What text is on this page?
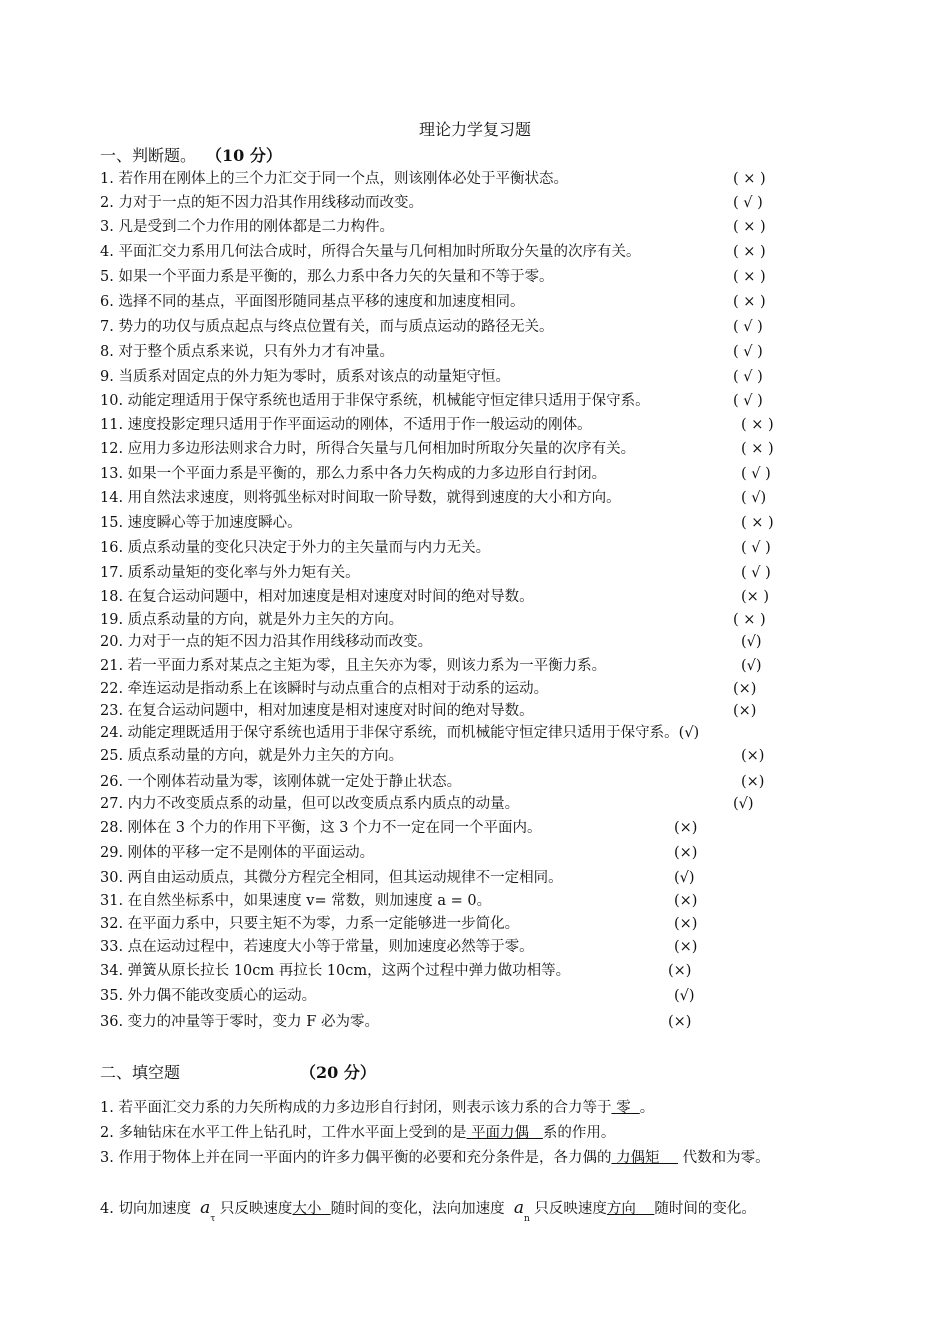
理论力学复习题
一、判断题。 （10 分）
1. 若作用在刚体上的三个力汇交于同一个点，则该刚体必处于平衡状态。	( × )
2. 力对于一点的矩不因力沿其作用线移动而改变。	( √ )
3. 凡是受到二个力作用的刚体都是二力构件。	( × )
4. 平面汇交力系用几何法合成时，所得合矢量与几何相加时所取分矢量的次序有关。	( × )
5. 如果一个平面力系是平衡的，那么力系中各力矢的矢量和不等于零。	( × )
6. 选择不同的基点，平面图形随同基点平移的速度和加速度相同。	( × )
7. 势力的功仅与质点起点与终点位置有关，而与质点运动的路径无关。	( √ )
8. 对于整个质点系来说，只有外力才有冲量。	( √ )
9. 当质系对固定点的外力矩为零时，质系对该点的动量矩守恒。	( √ )
10. 动能定理适用于保守系统也适用于非保守系统，机械能守恒定律只适用于保守系。	( √ )
11. 速度投影定理只适用于作平面运动的刚体，不适用于作一般运动的刚体。	( × )
12. 应用力多边形法则求合力时，所得合矢量与几何相加时所取分矢量的次序有关。	( × )
13. 如果一个平面力系是平衡的，那么力系中各力矢构成的力多边形自行封闭。	( √ )
14. 用自然法求速度，则将弧坐标对时间取一阶导数，就得到速度的大小和方向。	( √)
15. 速度瞬心等于加速度瞬心。	( × )
16. 质点系动量的变化只决定于外力的主矢量而与内力无关。	( √ )
17. 质系动量矩的变化率与外力矩有关。	( √ )
18. 在复合运动问题中，相对加速度是相对速度对时间的绝对导数。	(× )
19. 质点系动量的方向，就是外力主矢的方向。	( × )
20. 力对于一点的矩不因力沿其作用线移动而改变。	(√)
21. 若一平面力系对某点之主矩为零，且主矢亦为零，则该力系为一平衡力系。	(√)
22. 牵连运动是指动系上在该瞬时与动点重合的点相对于动系的运动。	(×)
23. 在复合运动问题中，相对加速度是相对速度对时间的绝对导数。	(×)
24. 动能定理既适用于保守系统也适用于非保守系统，而机械能守恒定律只适用于保守系。(√)
25. 质点系动量的方向，就是外力主矢的方向。	(×)
26. 一个刚体若动量为零，该刚体就一定处于静止状态。	(×)
27. 内力不改变质点系的动量，但可以改变质点系内质点的动量。	(√)
28. 刚体在 3 个力的作用下平衡，这 3 个力不一定在同一个平面内。	(×)
29. 刚体的平移一定不是刚体的平面运动。	(×)
30. 两自由运动质点，其微分方程完全相同，但其运动规律不一定相同。	(√)
31. 在自然坐标系中，如果速度 v= 常数，则加速度 a = 0。	(×)
32. 在平面力系中，只要主矩不为零，力系一定能够进一步简化。	(×)
33. 点在运动过程中，若速度大小等于常量，则加速度必然等于零。	(×)
34. 弹簧从原长拉长 10cm 再拉长 10cm，这两个过程中弹力做功相等。	(×)
35. 外力偶不能改变质心的运动。	(√)
36. 变力的冲量等于零时，变力 F 必为零。	(×)
二、填空题	（20 分）
1. 若平面汇交力系的力矢所构成的力多边形自行封闭，则表示该力系的合力等于 零 。
2. 多轴钻床在水平工件上钻孔时，工件水平面上受到的是 平面力偶 系的作用。
3. 作用于物体上并在同一平面内的许多力偶平衡的必要和充分条件是，各力偶的 力偶矩 代数和为零。
4. 切向加速度 $a_\tau$ 只反映速度大小 随时间的变化，法向加速度 $a_n$ 只反映速度方向 随时间的变化。
